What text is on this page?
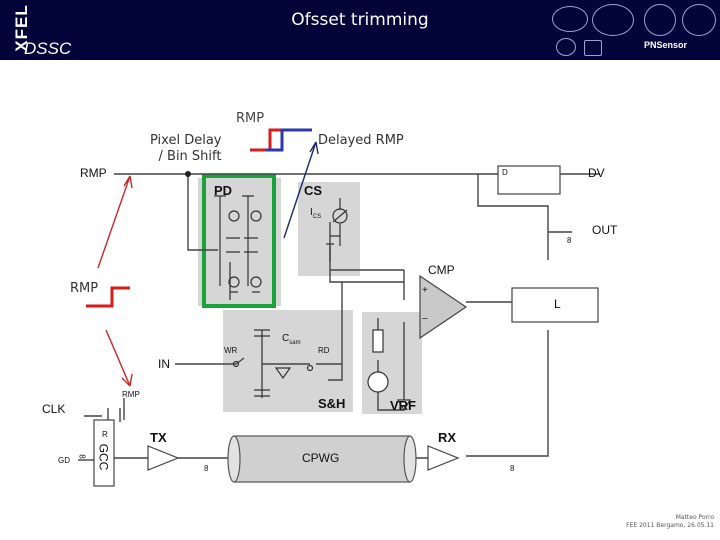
XFEL
DSSC
Ofsset trimming
PNSensor
RMP
Pixel Delay
/ Bin Shift
Delayed RMP
RMP
RMP	DV
OUT
8
PD	CS
$I_{CS}$
CMP
+
−
L
D
$C_{sam}$
WR	RD
IN
S&H	VRF
CLK
RMP
R
GD GCC
8
TX	RX
CPWG
8	8
38
Matteo Porro
FEE 2011 Bergamo, 26.05.11
